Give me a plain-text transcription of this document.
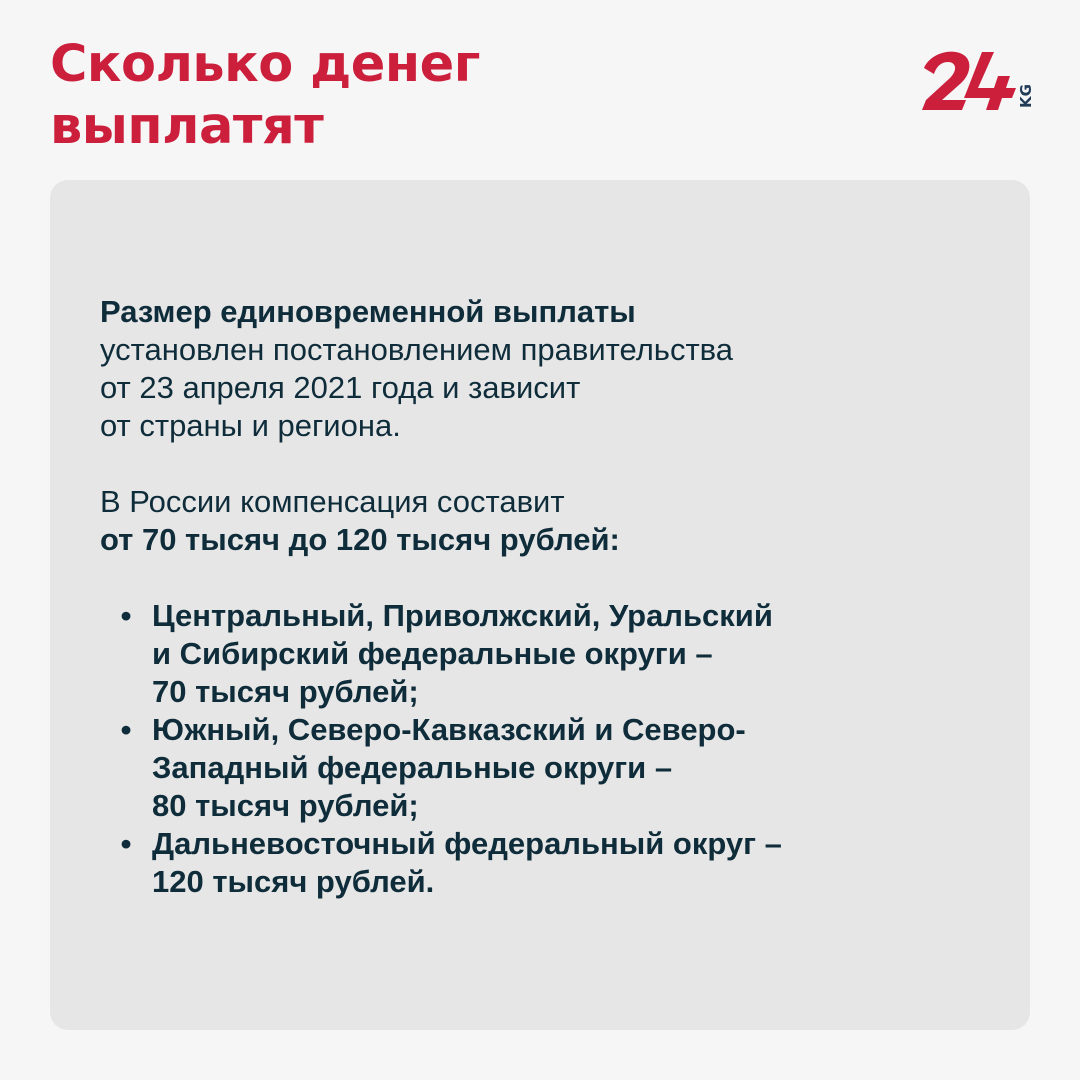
Сколько денег
выплатят
KG
Размер единовременной выплаты
установлен постановлением правительства
от 23 апреля 2021 года и зависит
от страны и региона.
В России компенсация составит
от 70 тысяч до 120 тысяч рублей:
• Центральный, Приволжский, Уральский
и Сибирский федеральные округи –
70 тысяч рублей;
• Южный, Северо-Кавказский и Северо-
Западный федеральные округи –
80 тысяч рублей;
• Дальневосточный федеральный округ –
120 тысяч рублей.
